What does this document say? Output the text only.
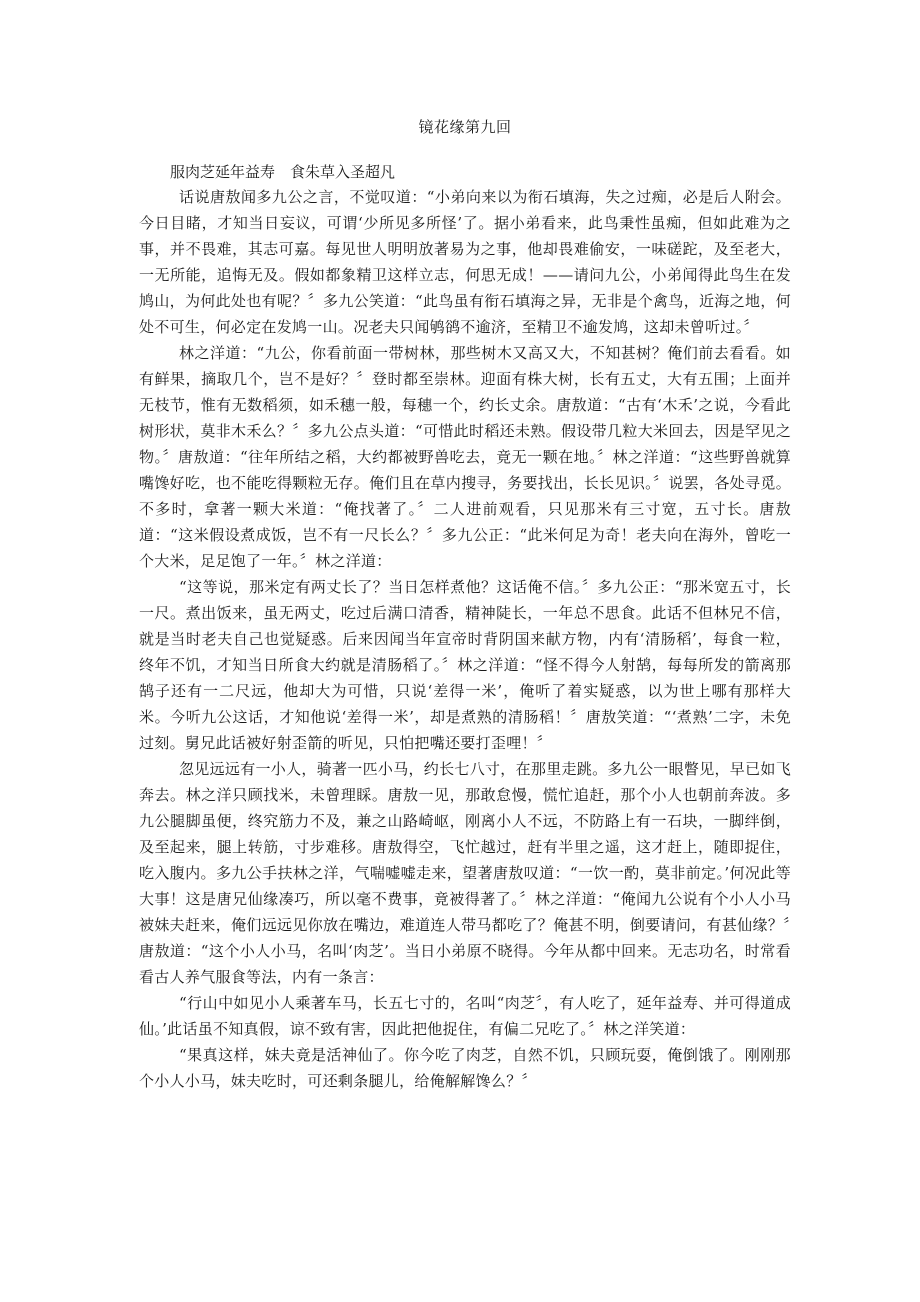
镜花缘第九回
服肉芝延年益寿　食朱草入圣超凡

话说唐敖闻多九公之言，不觉叹道：“小弟向来以为衔石填海，失之过痴，必是后人附会。今日目睹，才知当日妄议，可谓‘少所见多所怪’了。据小弟看来，此鸟秉性虽痴，但如此难为之事，并不畏难，其志可嘉。每见世人明明放著易为之事，他却畏难偷安，一味磋跎，及至老大，一无所能，追悔无及。假如都象精卫这样立志，何思无成！——请问九公，小弟闻得此鸟生在发鸠山，为何此处也有呢？〞多九公笑道：“此鸟虽有衔石填海之异，无非是个禽鸟，近海之地，何处不可生，何必定在发鸠一山。况老夫只闻鸲鹆不逾济，至精卫不逾发鸠，这却未曾听过。〞

林之洋道：“九公，你看前面一带树林，那些树木又高又大，不知甚树？俺们前去看看。如有鲜果，摘取几个，岂不是好？〞登时都至崇林。迎面有株大树，长有五丈，大有五围；上面并无枝节，惟有无数稻须，如禾穗一般，每穗一个，约长丈余。唐敖道：“古有‘木禾’之说，今看此树形状，莫非木禾么？〞多九公点头道：“可惜此时稻还未熟。假设带几粒大米回去，因是罕见之物。〞唐敖道：“往年所结之稻，大约都被野兽吃去，竟无一颗在地。〞林之洋道：“这些野兽就算嘴馋好吃，也不能吃得颗粒无存。俺们且在草内搜寻，务要找出，长长见识。〞说罢，各处寻觅。不多时，拿著一颗大米道：“俺找著了。〞二人进前观看，只见那米有三寸宽，五寸长。唐敖道：“这米假设煮成饭，岂不有一尺长么？〞多九公正：“此米何足为奇！老夫向在海外，曾吃一个大米，足足饱了一年。〞林之洋道：

“这等说，那米定有两丈长了？当日怎样煮他？这话俺不信。〞多九公正：“那米宽五寸，长一尺。煮出饭来，虽无两丈，吃过后满口清香，精神陡长，一年总不思食。此话不但林兄不信，就是当时老夫自己也觉疑惑。后来因闻当年宣帝时背阴国来献方物，内有‘清肠稻’，每食一粒，终年不饥，才知当日所食大约就是清肠稻了。〞林之洋道：“怪不得今人射鹄，每每所发的箭离那鹄子还有一二尺远，他却大为可惜，只说‘差得一米’，俺听了着实疑惑，以为世上哪有那样大米。今听九公这话，才知他说‘差得一米’，却是煮熟的清肠稻！〞唐敖笑道：“‘煮熟’二字，未免过刻。舅兄此话被好射歪箭的听见，只怕把嘴还要打歪哩！〞

忽见远远有一小人，骑著一匹小马，约长七八寸，在那里走跳。多九公一眼瞥见，早已如飞奔去。林之洋只顾找米，未曾理睬。唐敖一见，那敢怠慢，慌忙追赶，那个小人也朝前奔波。多九公腿脚虽便，终究筋力不及，兼之山路崎岖，刚离小人不远，不防路上有一石块，一脚绊倒，及至起来，腿上转筋，寸步难移。唐敖得空，飞忙越过，赶有半里之遥，这才赶上，随即捉住，吃入腹内。多九公手扶林之洋，气喘嘘嘘走来，望著唐敖叹道：“一饮一酌，莫非前定。’何况此等大事！这是唐兄仙缘凑巧，所以毫不费事，竟被得著了。〞林之洋道：“俺闻九公说有个小人小马被妹夫赶来，俺们远远见你放在嘴边，难道连人带马都吃了？俺甚不明，倒要请问，有甚仙缘？〞唐敖道：“这个小人小马，名叫‘肉芝’。当日小弟原不晓得。今年从都中回来。无志功名，时常看看古人养气服食等法，内有一条言：

“行山中如见小人乘著车马，长五七寸的，名叫“肉芝〞，有人吃了，延年益寿、并可得道成仙。’此话虽不知真假，谅不致有害，因此把他捉住，有偏二兄吃了。〞林之洋笑道：

“果真这样，妹夫竟是活神仙了。你今吃了肉芝，自然不饥，只顾玩耍，俺倒饿了。刚刚那个小人小马，妹夫吃时，可还剩条腿儿，给俺解解馋么？〞
